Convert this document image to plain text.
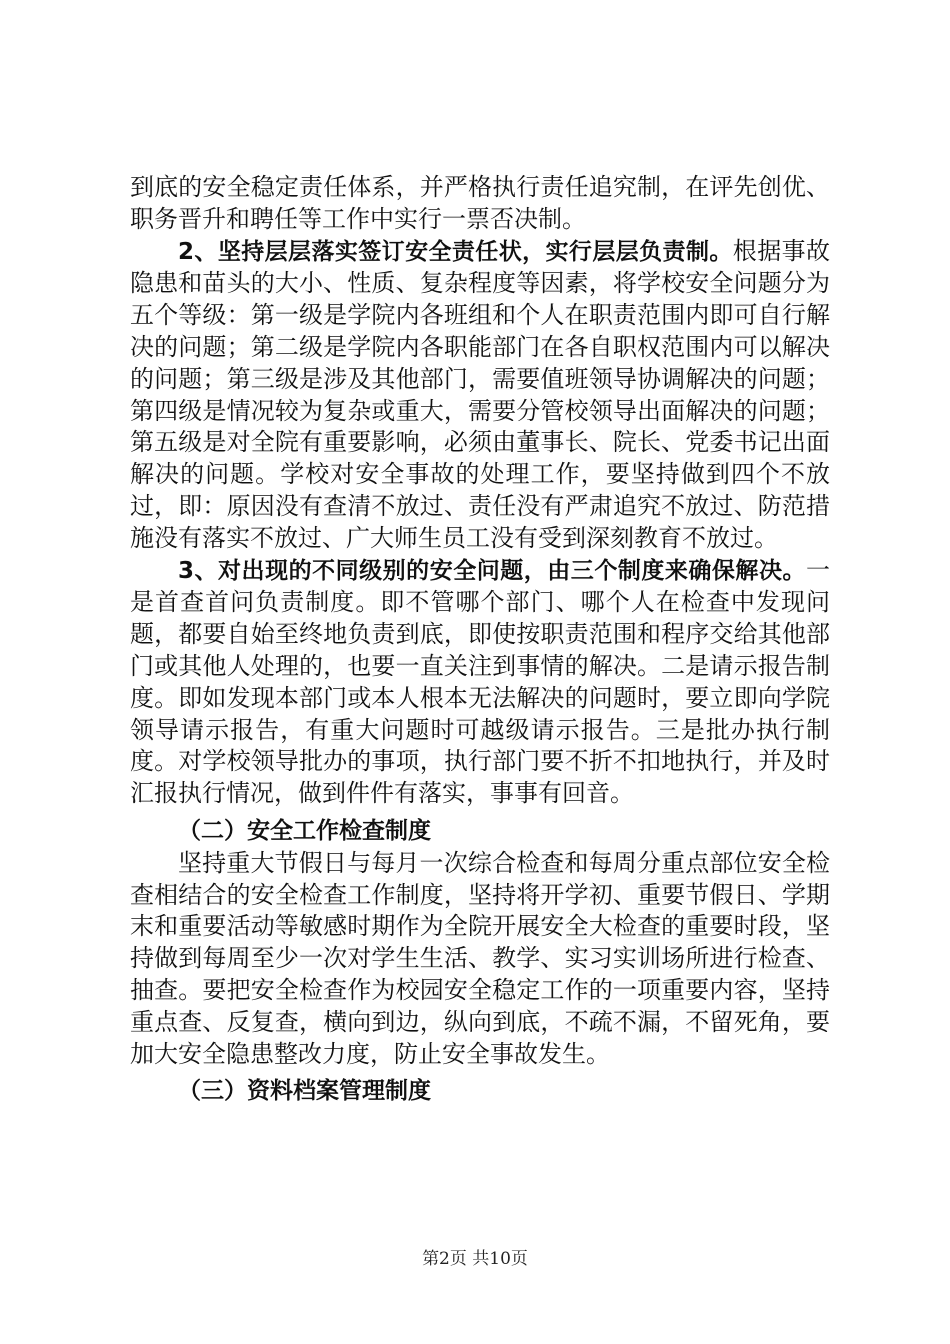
到底的安全稳定责任体系，并严格执行责任追究制，在评先创优、职务晋升和聘任等工作中实行一票否决制。

2、坚持层层落实签订安全责任状，实行层层负责制。根据事故隐患和苗头的大小、性质、复杂程度等因素，将学校安全问题分为五个等级：第一级是学院内各班组和个人在职责范围内即可自行解决的问题；第二级是学院内各职能部门在各自职权范围内可以解决的问题；第三级是涉及其他部门，需要值班领导协调解决的问题；第四级是情况较为复杂或重大，需要分管校领导出面解决的问题；第五级是对全院有重要影响，必须由董事长、院长、党委书记出面解决的问题。学校对安全事故的处理工作，要坚持做到四个不放过，即：原因没有查清不放过、责任没有严肃追究不放过、防范措施没有落实不放过、广大师生员工没有受到深刻教育不放过。

3、对出现的不同级别的安全问题，由三个制度来确保解决。一是首查首问负责制度。即不管哪个部门、哪个人在检查中发现问题，都要自始至终地负责到底，即使按职责范围和程序交给其他部门或其他人处理的，也要一直关注到事情的解决。二是请示报告制度。即如发现本部门或本人根本无法解决的问题时，要立即向学院领导请示报告，有重大问题时可越级请示报告。三是批办执行制度。对学校领导批办的事项，执行部门要不折不扣地执行，并及时汇报执行情况，做到件件有落实，事事有回音。

（二）安全工作检查制度

坚持重大节假日与每月一次综合检查和每周分重点部位安全检查相结合的安全检查工作制度，坚持将开学初、重要节假日、学期末和重要活动等敏感时期作为全院开展安全大检查的重要时段，坚持做到每周至少一次对学生生活、教学、实习实训场所进行检查、抽查。要把安全检查作为校园安全稳定工作的一项重要内容，坚持重点查、反复查，横向到边，纵向到底，不疏不漏，不留死角，要加大安全隐患整改力度，防止安全事故发生。

（三）资料档案管理制度

第2页 共10页
